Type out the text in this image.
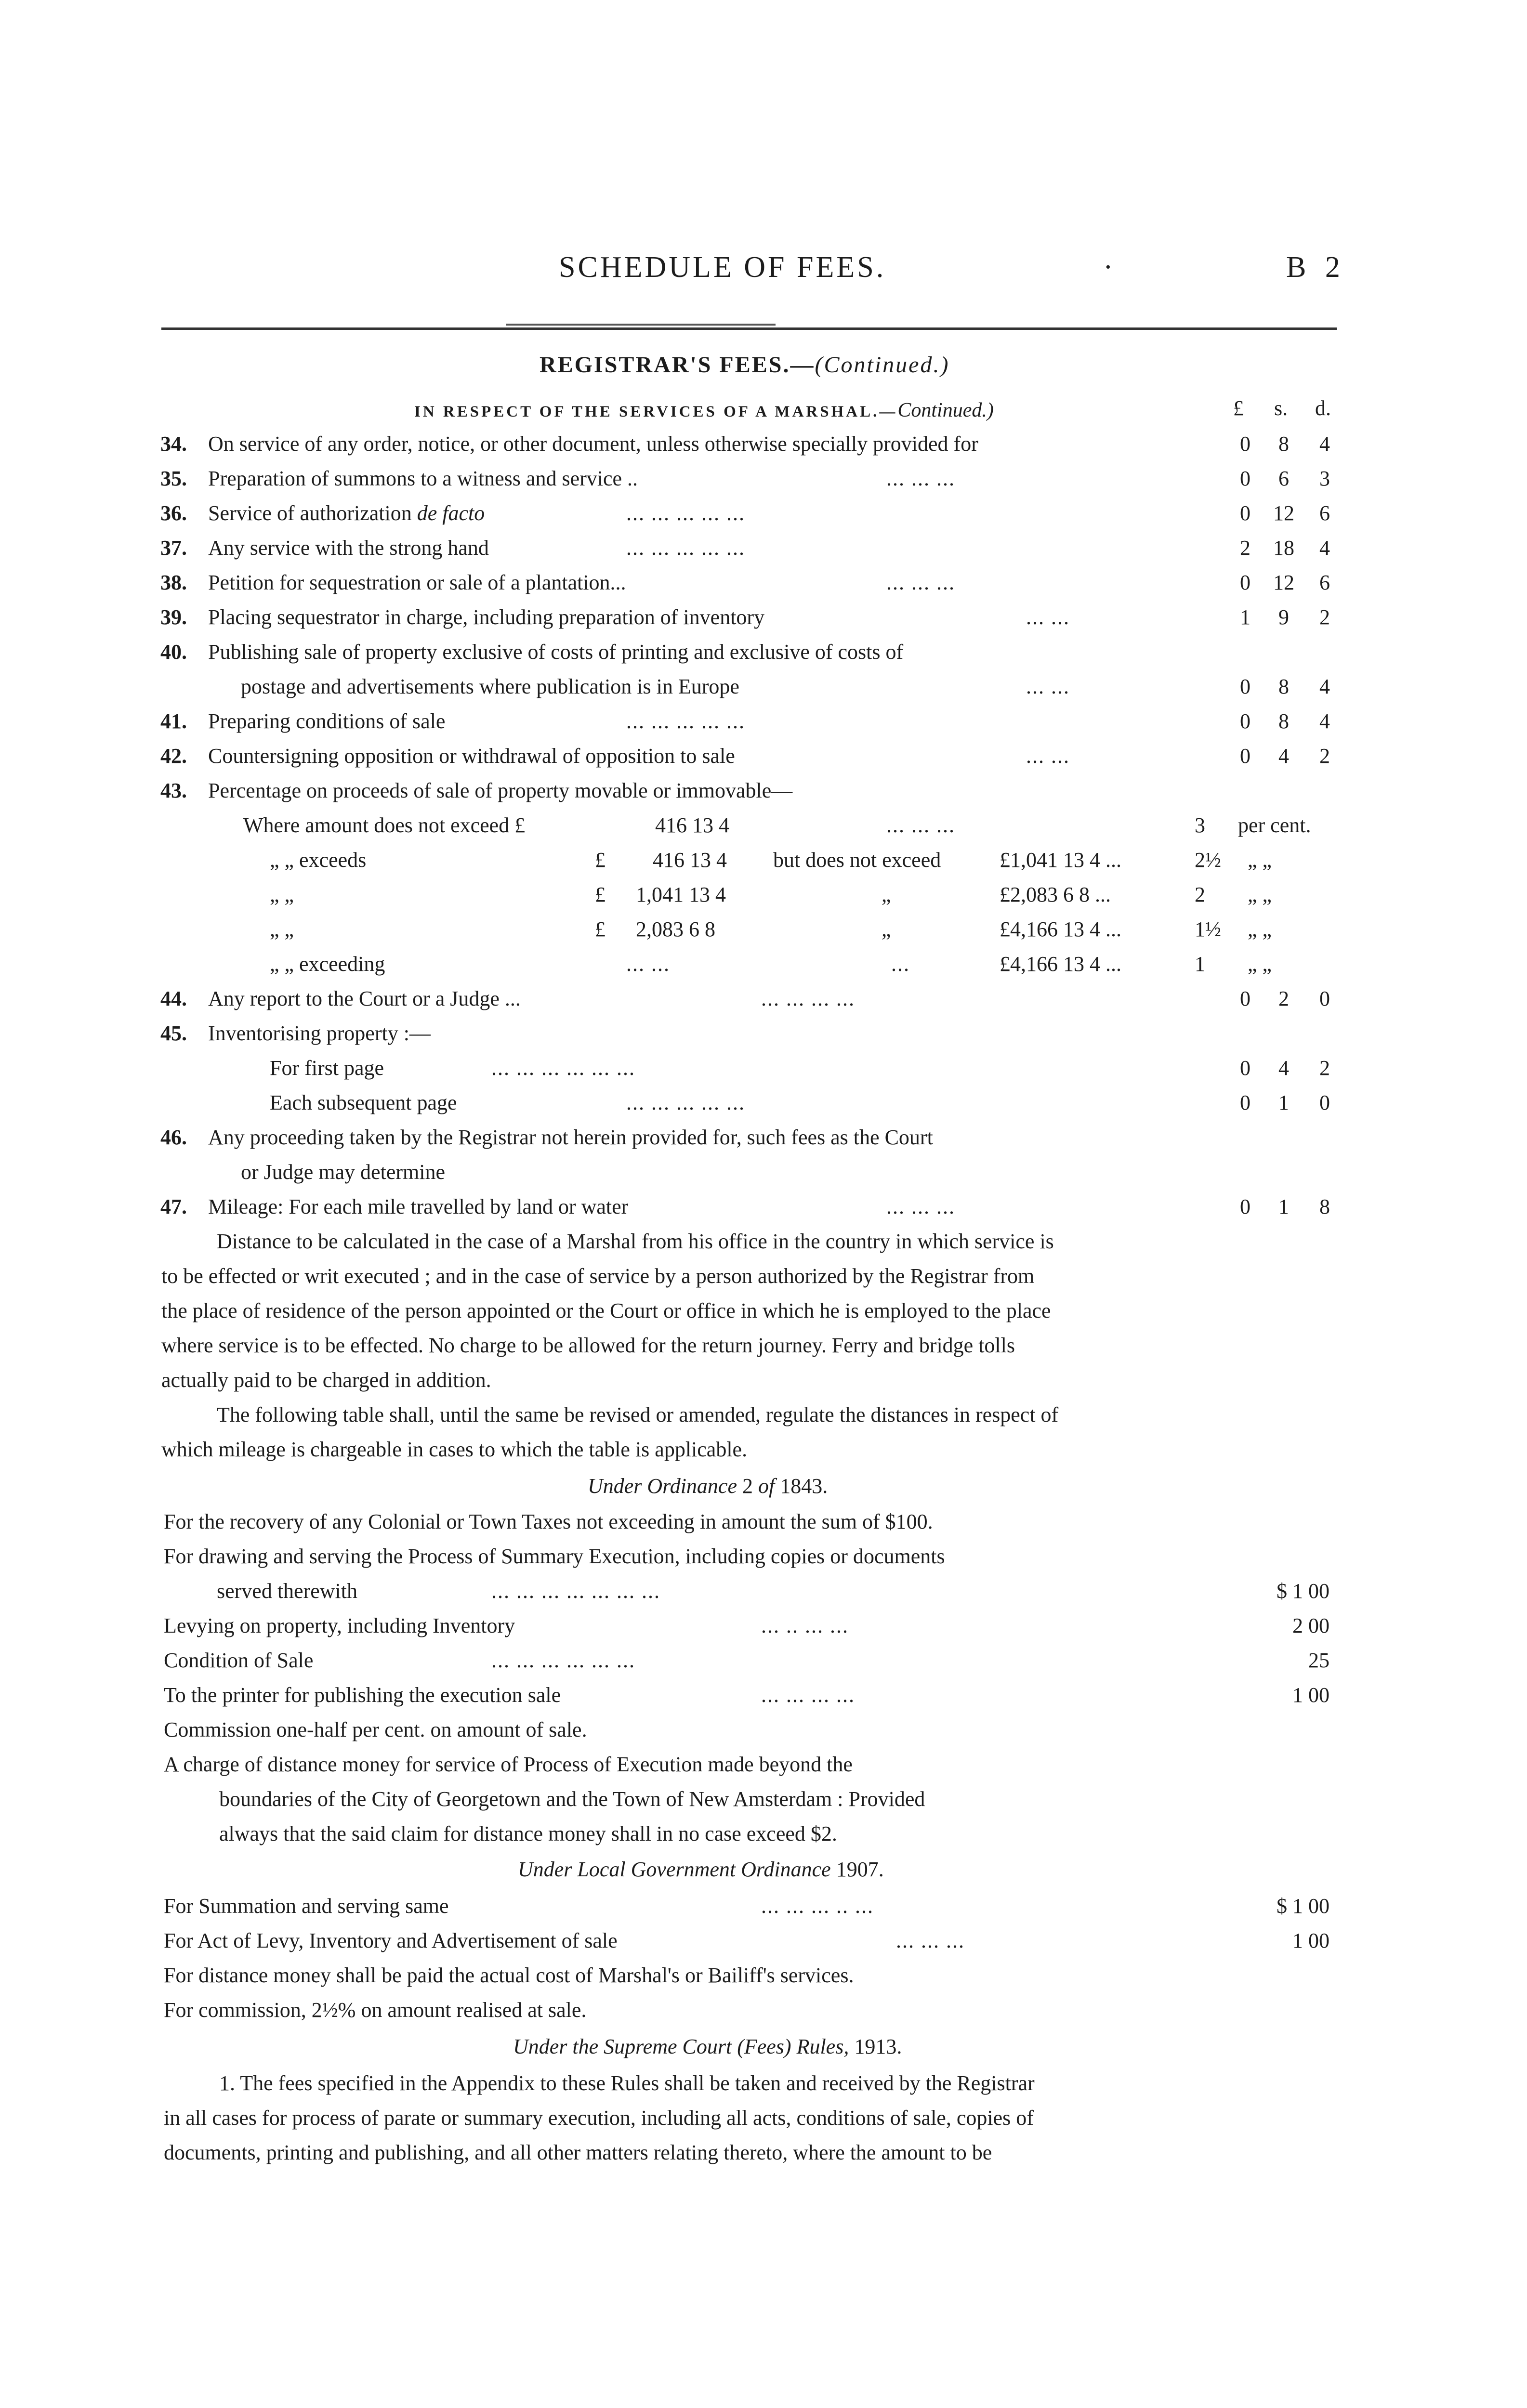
SCHEDULE OF FEES.	·	B 2
REGISTRAR'S FEES.—(Continued.)
IN RESPECT OF THE SERVICES OF A MARSHAL.—Continued.)	£ s. d.
34. On service of any order, notice, or other document, unless otherwise specially provided for	0	8	4
35. Preparation of summons to a witness and service ..	... ... ...	0	6	3
36. Service of authorization de facto	... ... ... ... ...	0	12	6
37. Any service with the strong hand	... ... ... ... ...	2	18	4
38. Petition for sequestration or sale of a plantation...	... ... ...	0	12	6
39. Placing sequestrator in charge, including preparation of inventory	... ...	1	9	2
40. Publishing sale of property exclusive of costs of printing and exclusive of costs of
postage and advertisements where publication is in Europe	... ...	0	8	4
41. Preparing conditions of sale	... ... ... ... ...	0	8	4
42. Countersigning opposition or withdrawal of opposition to sale	... ...	0	4	2
43. Percentage on proceeds of sale of property movable or immovable—
Where amount does not exceed £	416 13 4	... ... ...	3 per cent.
„ „ exceeds	£ 416 13 4 but does not exceed	£1,041 13 4 ...	2½ „ „
„ „	£ 1,041 13 4	„	£2,083 6 8 ...	2 „ „
„ „	£ 2,083 6 8	„	£4,166 13 4 ...	1½ „ „
„ „ exceeding	... ...	...	£4,166 13 4 ...	1 „ „
44. Any report to the Court or a Judge ...	... ... ... ...	0	2	0
45. Inventorising property :—
For first page	... ... ... ... ... ...	0	4	2
Each subsequent page	... ... ... ... ...	0	1	0
46. Any proceeding taken by the Registrar not herein provided for, such fees as the Court
or Judge may determine
47. Mileage: For each mile travelled by land or water	... ... ...	0	1	8
Distance to be calculated in the case of a Marshal from his office in the country in which service is
to be effected or writ executed ; and in the case of service by a person authorized by the Registrar from
the place of residence of the person appointed or the Court or office in which he is employed to the place
where service is to be effected. No charge to be allowed for the return journey. Ferry and bridge tolls
actually paid to be charged in addition.
The following table shall, until the same be revised or amended, regulate the distances in respect of
which mileage is chargeable in cases to which the table is applicable.
Under Ordinance 2 of 1843.
For the recovery of any Colonial or Town Taxes not exceeding in amount the sum of $100.
For drawing and serving the Process of Summary Execution, including copies or documents
served therewith	... ... ... ... ... ... ...	$ 1 00
Levying on property, including Inventory	... .. ... ...	2 00
Condition of Sale	... ... ... ... ... ...	25
To the printer for publishing the execution sale	... ... ... ...	1 00
Commission one-half per cent. on amount of sale.
A charge of distance money for service of Process of Execution made beyond the
boundaries of the City of Georgetown and the Town of New Amsterdam : Provided
always that the said claim for distance money shall in no case exceed $2.
Under Local Government Ordinance 1907.
For Summation and serving same	... ... ... .. ...	$ 1 00
For Act of Levy, Inventory and Advertisement of sale	... ... ...	1 00
For distance money shall be paid the actual cost of Marshal's or Bailiff's services.
For commission, 2½% on amount realised at sale.
Under the Supreme Court (Fees) Rules, 1913.
1. The fees specified in the Appendix to these Rules shall be taken and received by the Registrar
in all cases for process of parate or summary execution, including all acts, conditions of sale, copies of
documents, printing and publishing, and all other matters relating thereto, where the amount to be
